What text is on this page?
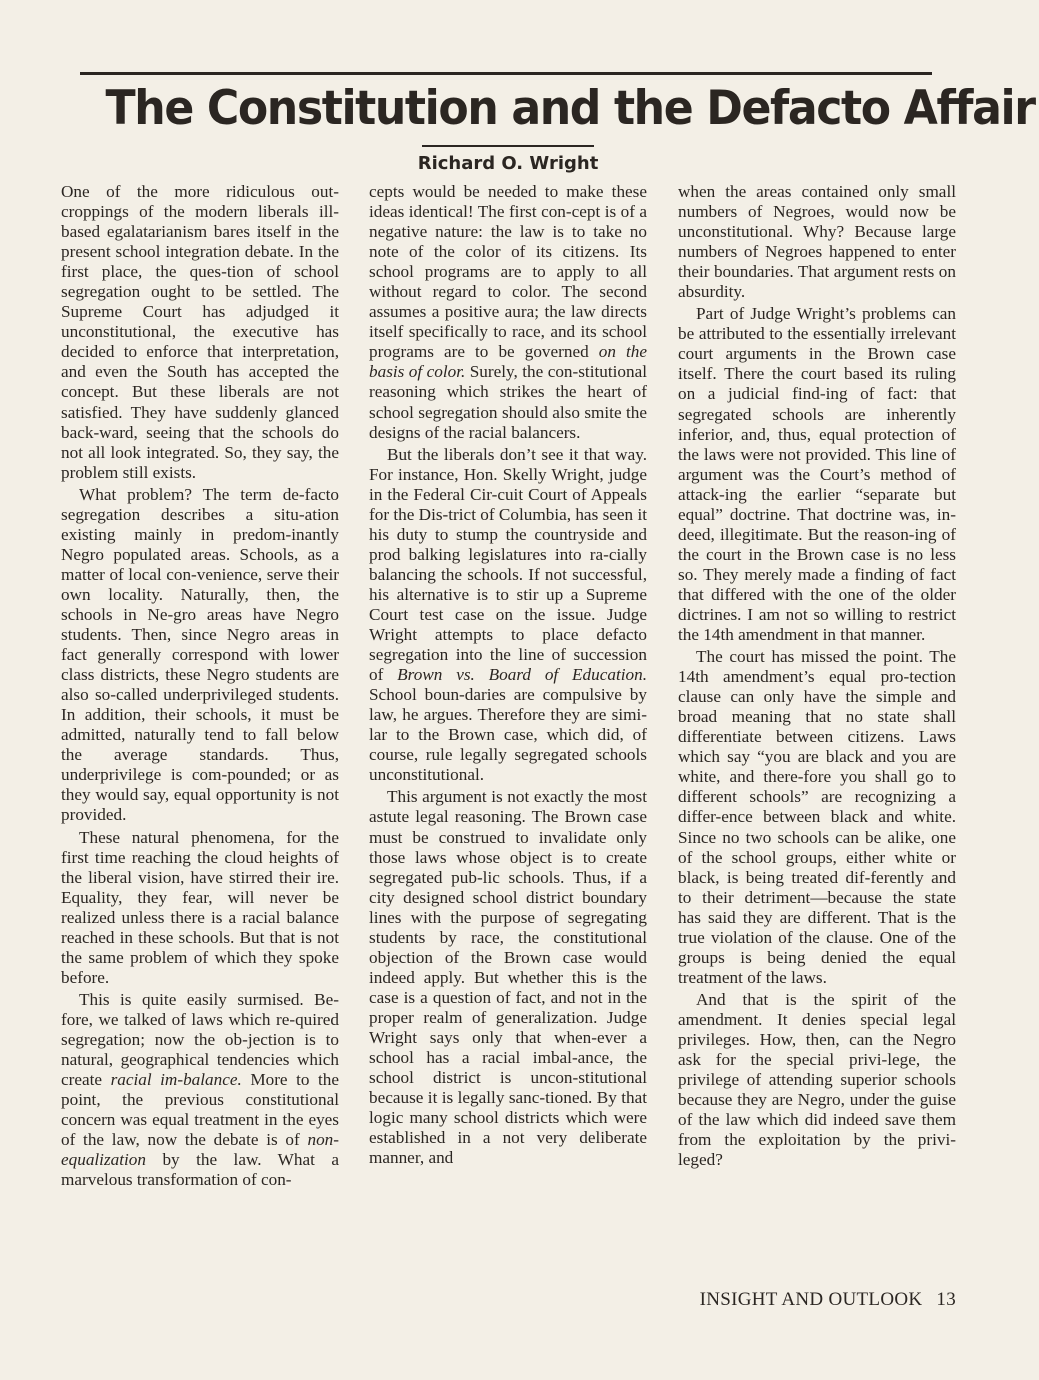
The Constitution and the Defacto Affair
Richard O. Wright

One of the more ridiculous out-croppings of the modern liberals ill-based egalatarianism bares itself in the present school integration debate. In the first place, the ques-tion of school segregation ought to be settled. The Supreme Court has adjudged it unconstitutional, the executive has decided to enforce that interpretation, and even the South has accepted the concept. But these liberals are not satisfied. They have suddenly glanced back-ward, seeing that the schools do not all look integrated. So, they say, the problem still exists.

What problem? The term de-facto segregation describes a situ-ation existing mainly in predom-inantly Negro populated areas. Schools, as a matter of local con-venience, serve their own locality. Naturally, then, the schools in Ne-gro areas have Negro students. Then, since Negro areas in fact generally correspond with lower class districts, these Negro students are also so-called underprivileged students. In addition, their schools, it must be admitted, naturally tend to fall below the average standards. Thus, underprivilege is com-pounded; or as they would say, equal opportunity is not provided.

These natural phenomena, for the first time reaching the cloud heights of the liberal vision, have stirred their ire. Equality, they fear, will never be realized unless there is a racial balance reached in these schools. But that is not the same problem of which they spoke before.

This is quite easily surmised. Be-fore, we talked of laws which re-quired segregation; now the ob-jection is to natural, geographical tendencies which create racial im-balance. More to the point, the previous constitutional concern was equal treatment in the eyes of the law, now the debate is of non-equalization by the law. What a marvelous transformation of con-

cepts would be needed to make these ideas identical! The first con-cept is of a negative nature: the law is to take no note of the color of its citizens. Its school programs are to apply to all without regard to color. The second assumes a positive aura; the law directs itself specifically to race, and its school programs are to be governed on the basis of color. Surely, the con-stitutional reasoning which strikes the heart of school segregation should also smite the designs of the racial balancers.

But the liberals don’t see it that way. For instance, Hon. Skelly Wright, judge in the Federal Cir-cuit Court of Appeals for the Dis-trict of Columbia, has seen it his duty to stump the countryside and prod balking legislatures into ra-cially balancing the schools. If not successful, his alternative is to stir up a Supreme Court test case on the issue. Judge Wright attempts to place defacto segregation into the line of succession of Brown vs. Board of Education. School boun-daries are compulsive by law, he argues. Therefore they are simi-lar to the Brown case, which did, of course, rule legally segregated schools unconstitutional.

This argument is not exactly the most astute legal reasoning. The Brown case must be construed to invalidate only those laws whose object is to create segregated pub-lic schools. Thus, if a city designed school district boundary lines with the purpose of segregating students by race, the constitutional objection of the Brown case would indeed apply. But whether this is the case is a question of fact, and not in the proper realm of generalization. Judge Wright says only that when-ever a school has a racial imbal-ance, the school district is uncon-stitutional because it is legally sanc-tioned. By that logic many school districts which were established in a not very deliberate manner, and

when the areas contained only small numbers of Negroes, would now be unconstitutional. Why? Because large numbers of Negroes happened to enter their boundaries. That argument rests on absurdity.

Part of Judge Wright’s problems can be attributed to the essentially irrelevant court arguments in the Brown case itself. There the court based its ruling on a judicial find-ing of fact: that segregated schools are inherently inferior, and, thus, equal protection of the laws were not provided. This line of argument was the Court’s method of attack-ing the earlier “separate but equal” doctrine. That doctrine was, in-deed, illegitimate. But the reason-ing of the court in the Brown case is no less so. They merely made a finding of fact that differed with the one of the older dictrines. I am not so willing to restrict the 14th amendment in that manner.

The court has missed the point. The 14th amendment’s equal pro-tection clause can only have the simple and broad meaning that no state shall differentiate between citizens. Laws which say “you are black and you are white, and there-fore you shall go to different schools” are recognizing a differ-ence between black and white. Since no two schools can be alike, one of the school groups, either white or black, is being treated dif-ferently and to their detriment—because the state has said they are different. That is the true violation of the clause. One of the groups is being denied the equal treatment of the laws.

And that is the spirit of the amendment. It denies special legal privileges. How, then, can the Negro ask for the special privi-lege, the privilege of attending superior schools because they are Negro, under the guise of the law which did indeed save them from the exploitation by the privi-leged?

INSIGHT AND OUTLOOK 13
